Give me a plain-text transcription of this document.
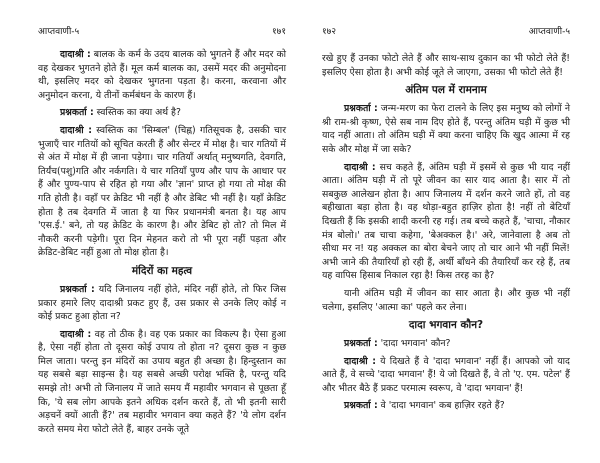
आप्तवाणी-५	१७१

दादाश्री : बालक के कर्म के उदय बालक को भुगतने हैं और मदर को वह देखकर भुगतने होते हैं। मूल कर्म बालक का, उसमें मदर की अनुमोदना थी, इसलिए मदर को देखकर भुगतना पड़ता है। करना, करवाना और अनुमोदन करना, ये तीनों कर्मबंधन के कारण हैं।

प्रश्नकर्ता : स्वस्तिक का क्या अर्थ है?

दादाश्री : स्वस्तिक का 'सिम्बल' (चिह्न) गतिसूचक है, उसकी चार भुजाएँ चार गतियों को सूचित करती हैं और सेन्टर में मोक्ष है। चार गतियों में से अंत में मोक्ष में ही जाना पड़ेगा। चार गतियाँ अर्थात् मनुष्यगति, देवगति, तिर्यंच(पशु)गति और नर्कगति। ये चार गतियाँ पुण्य और पाप के आधार पर हैं और पुण्य-पाप से रहित हो गया और 'ज्ञान' प्राप्त हो गया तो मोक्ष की गति होती है। वहाँ पर क्रेडिट भी नहीं है और डेबिट भी नहीं है। यहाँ क्रेडिट होता है तब देवगति में जाता है या फिर प्रधानमंत्री बनता है। यह आप 'एस.ई.' बने, तो यह क्रेडिट के कारण है। और डेबिट हो तो? तो मिल में नौकरी करनी पड़ेगी। पूरा दिन मेहनत करो तो भी पूरा नहीं पड़ता और क्रेडिट-डेबिट नहीं हुआ तो मोक्ष होता है।

मंदिरों का महत्व

प्रश्नकर्ता : यदि जिनालय नहीं होते, मंदिर नहीं होते, तो फिर जिस प्रकार हमारे लिए दादाश्री प्रकट हुए हैं, उस प्रकार से उनके लिए कोई न कोई प्रकट हुआ होता न?

दादाश्री : वह तो ठीक है। वह एक प्रकार का विकल्प है। ऐसा हुआ है, ऐसा नहीं होता तो दूसरा कोई उपाय तो होता न? दूसरा कुछ न कुछ मिल जाता। परन्तु इन मंदिरों का उपाय बहुत ही अच्छा है। हिन्दुस्तान का यह सबसे बड़ा साइन्स है। यह सबसे अच्छी परोक्ष भक्ति है, परन्तु यदि समझे तो! अभी तो जिनालय में जाते समय मैं महावीर भगवान से पूछता हूँ कि, 'ये सब लोग आपके इतने अधिक दर्शन करते हैं, तो भी इतनी सारी अड़चनें क्यों आती हैं?' तब महावीर भगवान क्या कहते हैं? 'ये लोग दर्शन करते समय मेरा फोटो लेते हैं, बाहर उनके जूते

१७२	आप्तवाणी-५

रखे हुए हैं उनका फोटो लेते हैं और साथ-साथ दुकान का भी फोटो लेते हैं! इसलिए ऐसा होता है। अभी कोई जूते ले जाएगा, उसका भी फोटो लेते हैं!

अंतिम पल में रामनाम

प्रश्नकर्ता : जन्म-मरण का फेरा टालने के लिए इस मनुष्य को लोगों ने श्री राम-श्री कृष्ण, ऐसे सब नाम दिए होते हैं, परन्तु अंतिम घड़ी में कुछ भी याद नहीं आता। तो अंतिम घड़ी में क्या करना चाहिए कि खुद आत्मा में रह सके और मोक्ष में जा सके?

दादाश्री : सच कहते हैं, अंतिम घड़ी में इसमें से कुछ भी याद नहीं आता। अंतिम घड़ी में तो पूरे जीवन का सार याद आता है। सार में तो सबकुछ आलेखन होता है। आप जिनालय में दर्शन करने जाते हों, तो वह बहीखाता बड़ा होता है। वह थोड़ा-बहुत हाज़िर होता है! नहीं तो बेटियाँ दिखती हैं कि इसकी शादी करनी रह गई। तब बच्चे कहते हैं, 'चाचा, नौकार मंत्र बोलो।' तब चाचा कहेगा, 'बेअक्कल है।' अरे, जानेवाला है अब तो सीधा मर न! यह अक्कल का बोरा बेचने जाए तो चार आने भी नहीं मिलें! अभी जाने की तैयारियाँ हो रही हैं, अर्थी बाँधने की तैयारियाँ कर रहे हैं, तब यह वापिस हिसाब निकाल रहा है! किस तरह का है?

यानी अंतिम घड़ी में जीवन का सार आता है। और कुछ भी नहीं चलेगा, इसलिए 'आत्मा का' पहले कर लेना।

दादा भगवान कौन?

प्रश्नकर्ता : 'दादा भगवान' कौन?

दादाश्री : ये दिखते हैं वे 'दादा भगवान' नहीं हैं। आपको जो याद आते हैं, वे सच्चे 'दादा भगवान' हैं! ये जो दिखते हैं, वे तो 'ए. एम. पटेल' हैं और भीतर बैठे हैं प्रकट परमात्म स्वरूप, वे 'दादा भगवान' हैं!

प्रश्नकर्ता : वे 'दादा भगवान' कब हाज़िर रहते हैं?
